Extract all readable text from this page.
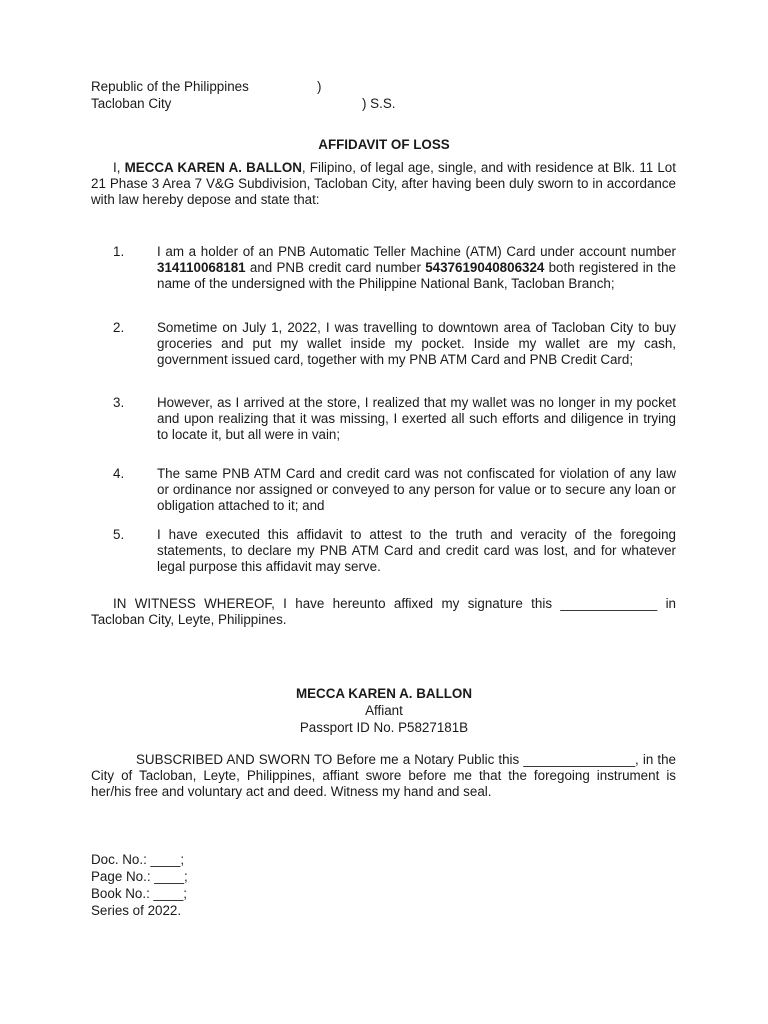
Republic of the Philippines	)
Tacloban City	) S.S.
AFFIDAVIT OF LOSS
I, MECCA KAREN A. BALLON, Filipino, of legal age, single, and with residence at Blk. 11 Lot 21 Phase 3 Area 7 V&G Subdivision, Tacloban City, after having been duly sworn to in accordance with law hereby depose and state that:
1. I am a holder of an PNB Automatic Teller Machine (ATM) Card under account number 314110068181 and PNB credit card number 5437619040806324 both registered in the name of the undersigned with the Philippine National Bank, Tacloban Branch;
2. Sometime on July 1, 2022, I was travelling to downtown area of Tacloban City to buy groceries and put my wallet inside my pocket. Inside my wallet are my cash, government issued card, together with my PNB ATM Card and PNB Credit Card;
3. However, as I arrived at the store, I realized that my wallet was no longer in my pocket and upon realizing that it was missing, I exerted all such efforts and diligence in trying to locate it, but all were in vain;
4. The same PNB ATM Card and credit card was not confiscated for violation of any law or ordinance nor assigned or conveyed to any person for value or to secure any loan or obligation attached to it; and
5. I have executed this affidavit to attest to the truth and veracity of the foregoing statements, to declare my PNB ATM Card and credit card was lost, and for whatever legal purpose this affidavit may serve.
IN WITNESS WHEREOF, I have hereunto affixed my signature this _____________ in Tacloban City, Leyte, Philippines.
MECCA KAREN A. BALLON
Affiant
Passport ID No. P5827181B
SUBSCRIBED AND SWORN TO Before me a Notary Public this _______________, in the City of Tacloban, Leyte, Philippines, affiant swore before me that the foregoing instrument is her/his free and voluntary act and deed. Witness my hand and seal.
Doc. No.: ____;
Page No.: ____;
Book No.: ____;
Series of 2022.
